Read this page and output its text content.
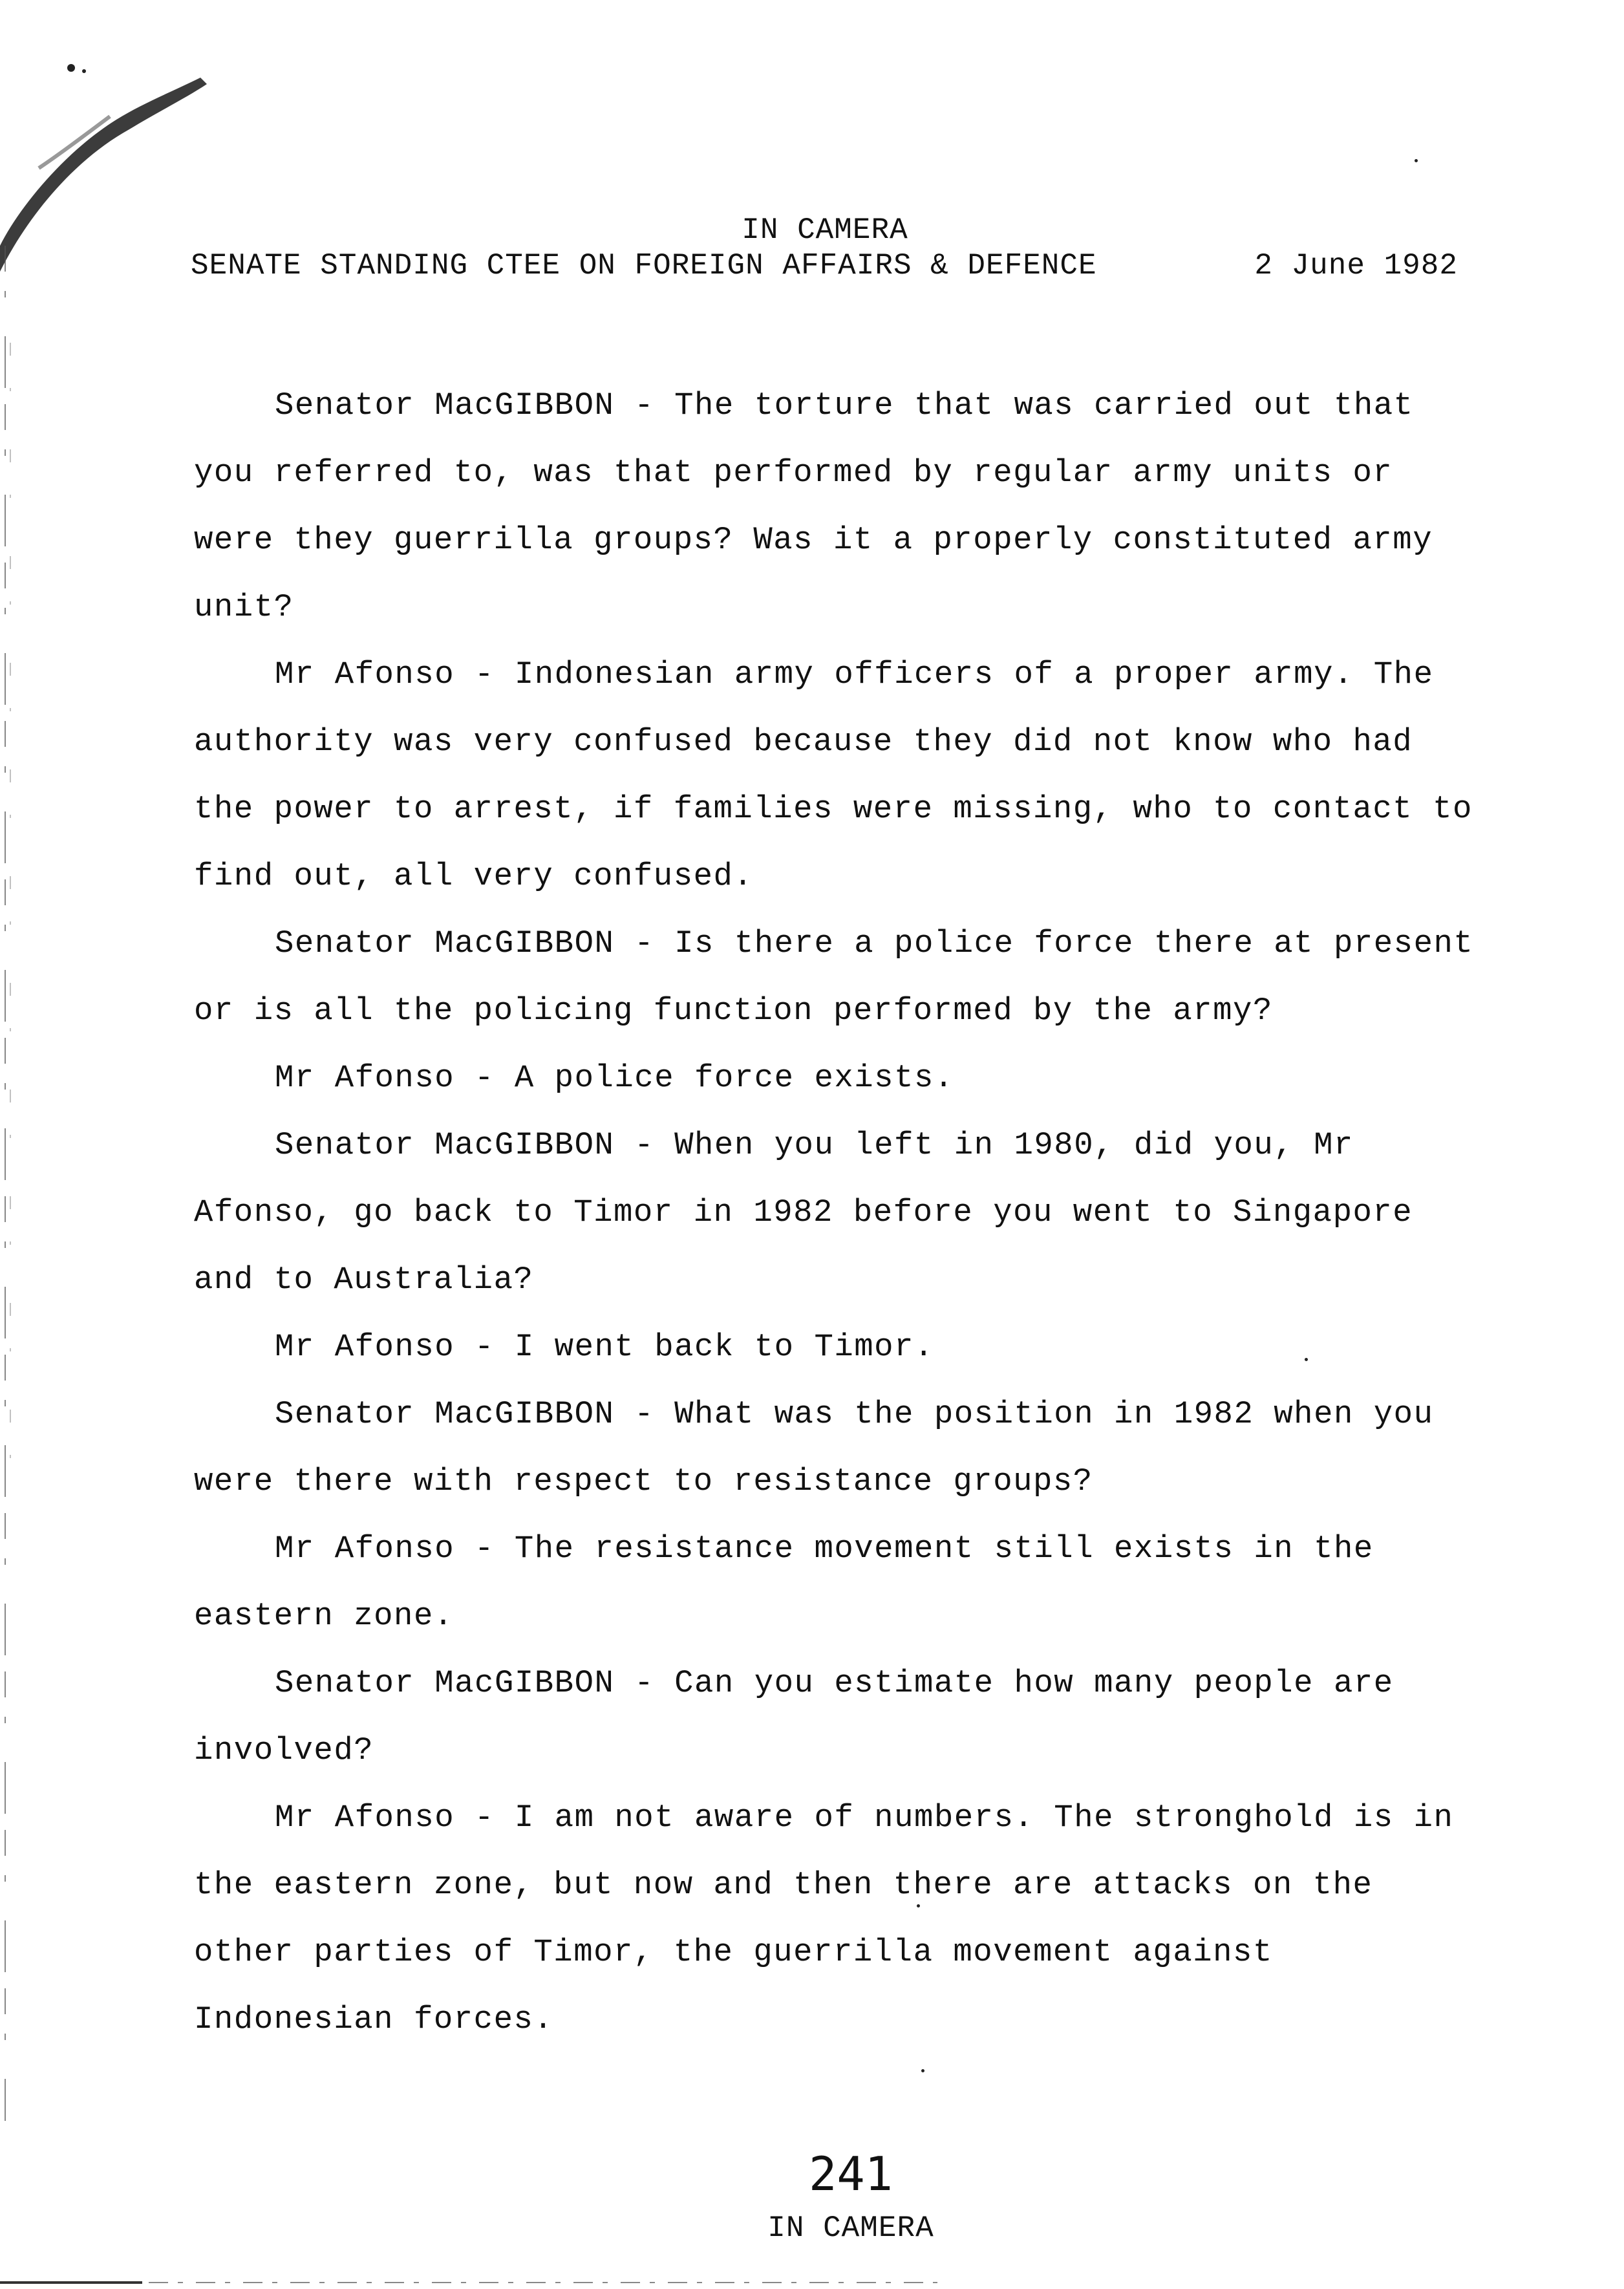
IN CAMERA
SENATE STANDING CTEE ON FOREIGN AFFAIRS & DEFENCE	2 June 1982

Senator MacGIBBON - The torture that was carried out that you referred to, was that performed by regular army units or were they guerrilla groups? Was it a properly constituted army unit?

Mr Afonso - Indonesian army officers of a proper army. The authority was very confused because they did not know who had the power to arrest, if families were missing, who to contact to find out, all very confused.

Senator MacGIBBON - Is there a police force there at present or is all the policing function performed by the army?

Mr Afonso - A police force exists.

Senator MacGIBBON - When you left in 1980, did you, Mr Afonso, go back to Timor in 1982 before you went to Singapore and to Australia?

Mr Afonso - I went back to Timor.

Senator MacGIBBON - What was the position in 1982 when you were there with respect to resistance groups?

Mr Afonso - The resistance movement still exists in the eastern zone.

Senator MacGIBBON - Can you estimate how many people are involved?

Mr Afonso - I am not aware of numbers. The stronghold is in the eastern zone, but now and then there are attacks on the other parties of Timor, the guerrilla movement against Indonesian forces.

241
IN CAMERA
